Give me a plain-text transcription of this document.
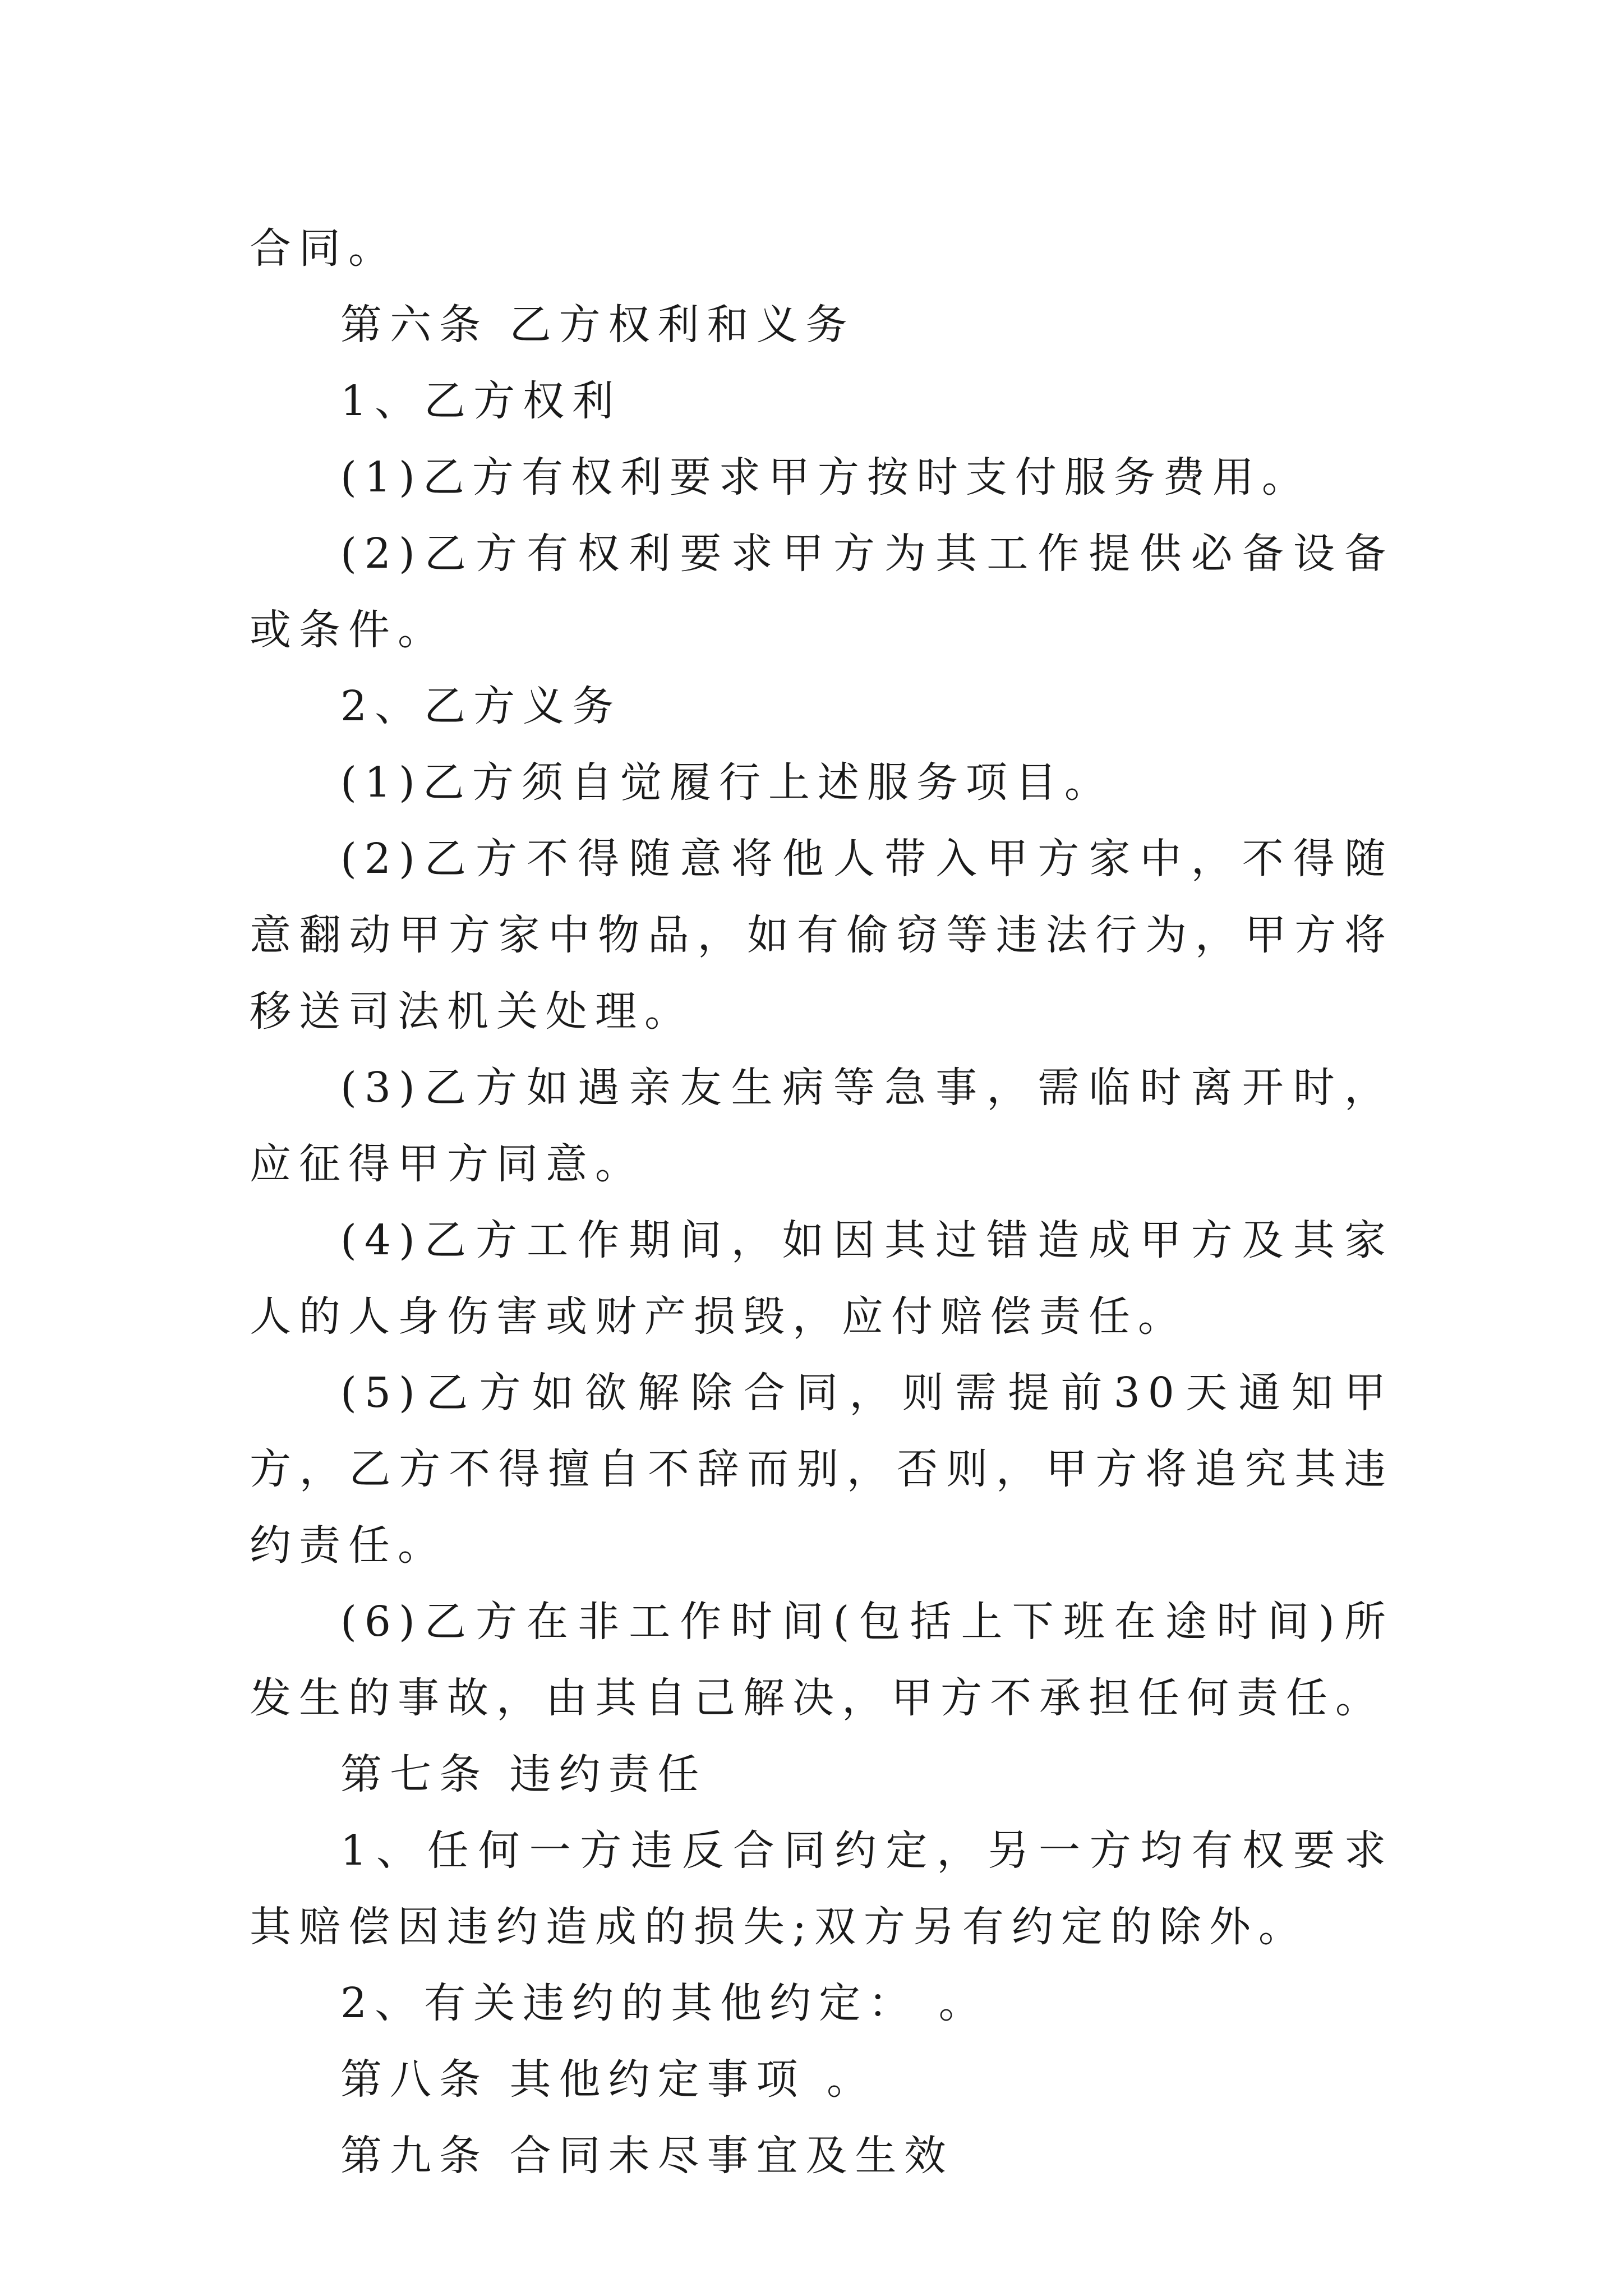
合同。

第六条 乙方权利和义务

1、乙方权利

(1)乙方有权利要求甲方按时支付服务费用。

(2)乙方有权利要求甲方为其工作提供必备设备或条件。

2、乙方义务

(1)乙方须自觉履行上述服务项目。

(2)乙方不得随意将他人带入甲方家中，不得随意翻动甲方家中物品，如有偷窃等违法行为，甲方将移送司法机关处理。

(3)乙方如遇亲友生病等急事，需临时离开时，应征得甲方同意。

(4)乙方工作期间，如因其过错造成甲方及其家人的人身伤害或财产损毁，应付赔偿责任。

(5)乙方如欲解除合同，则需提前30天通知甲方，乙方不得擅自不辞而别，否则，甲方将追究其违约责任。

(6)乙方在非工作时间(包括上下班在途时间)所发生的事故，由其自己解决，甲方不承担任何责任。

第七条 违约责任

1、任何一方违反合同约定，另一方均有权要求其赔偿因违约造成的损失;双方另有约定的除外。

2、有关违约的其他约定： 。

第八条 其他约定事项 。

第九条 合同未尽事宜及生效
